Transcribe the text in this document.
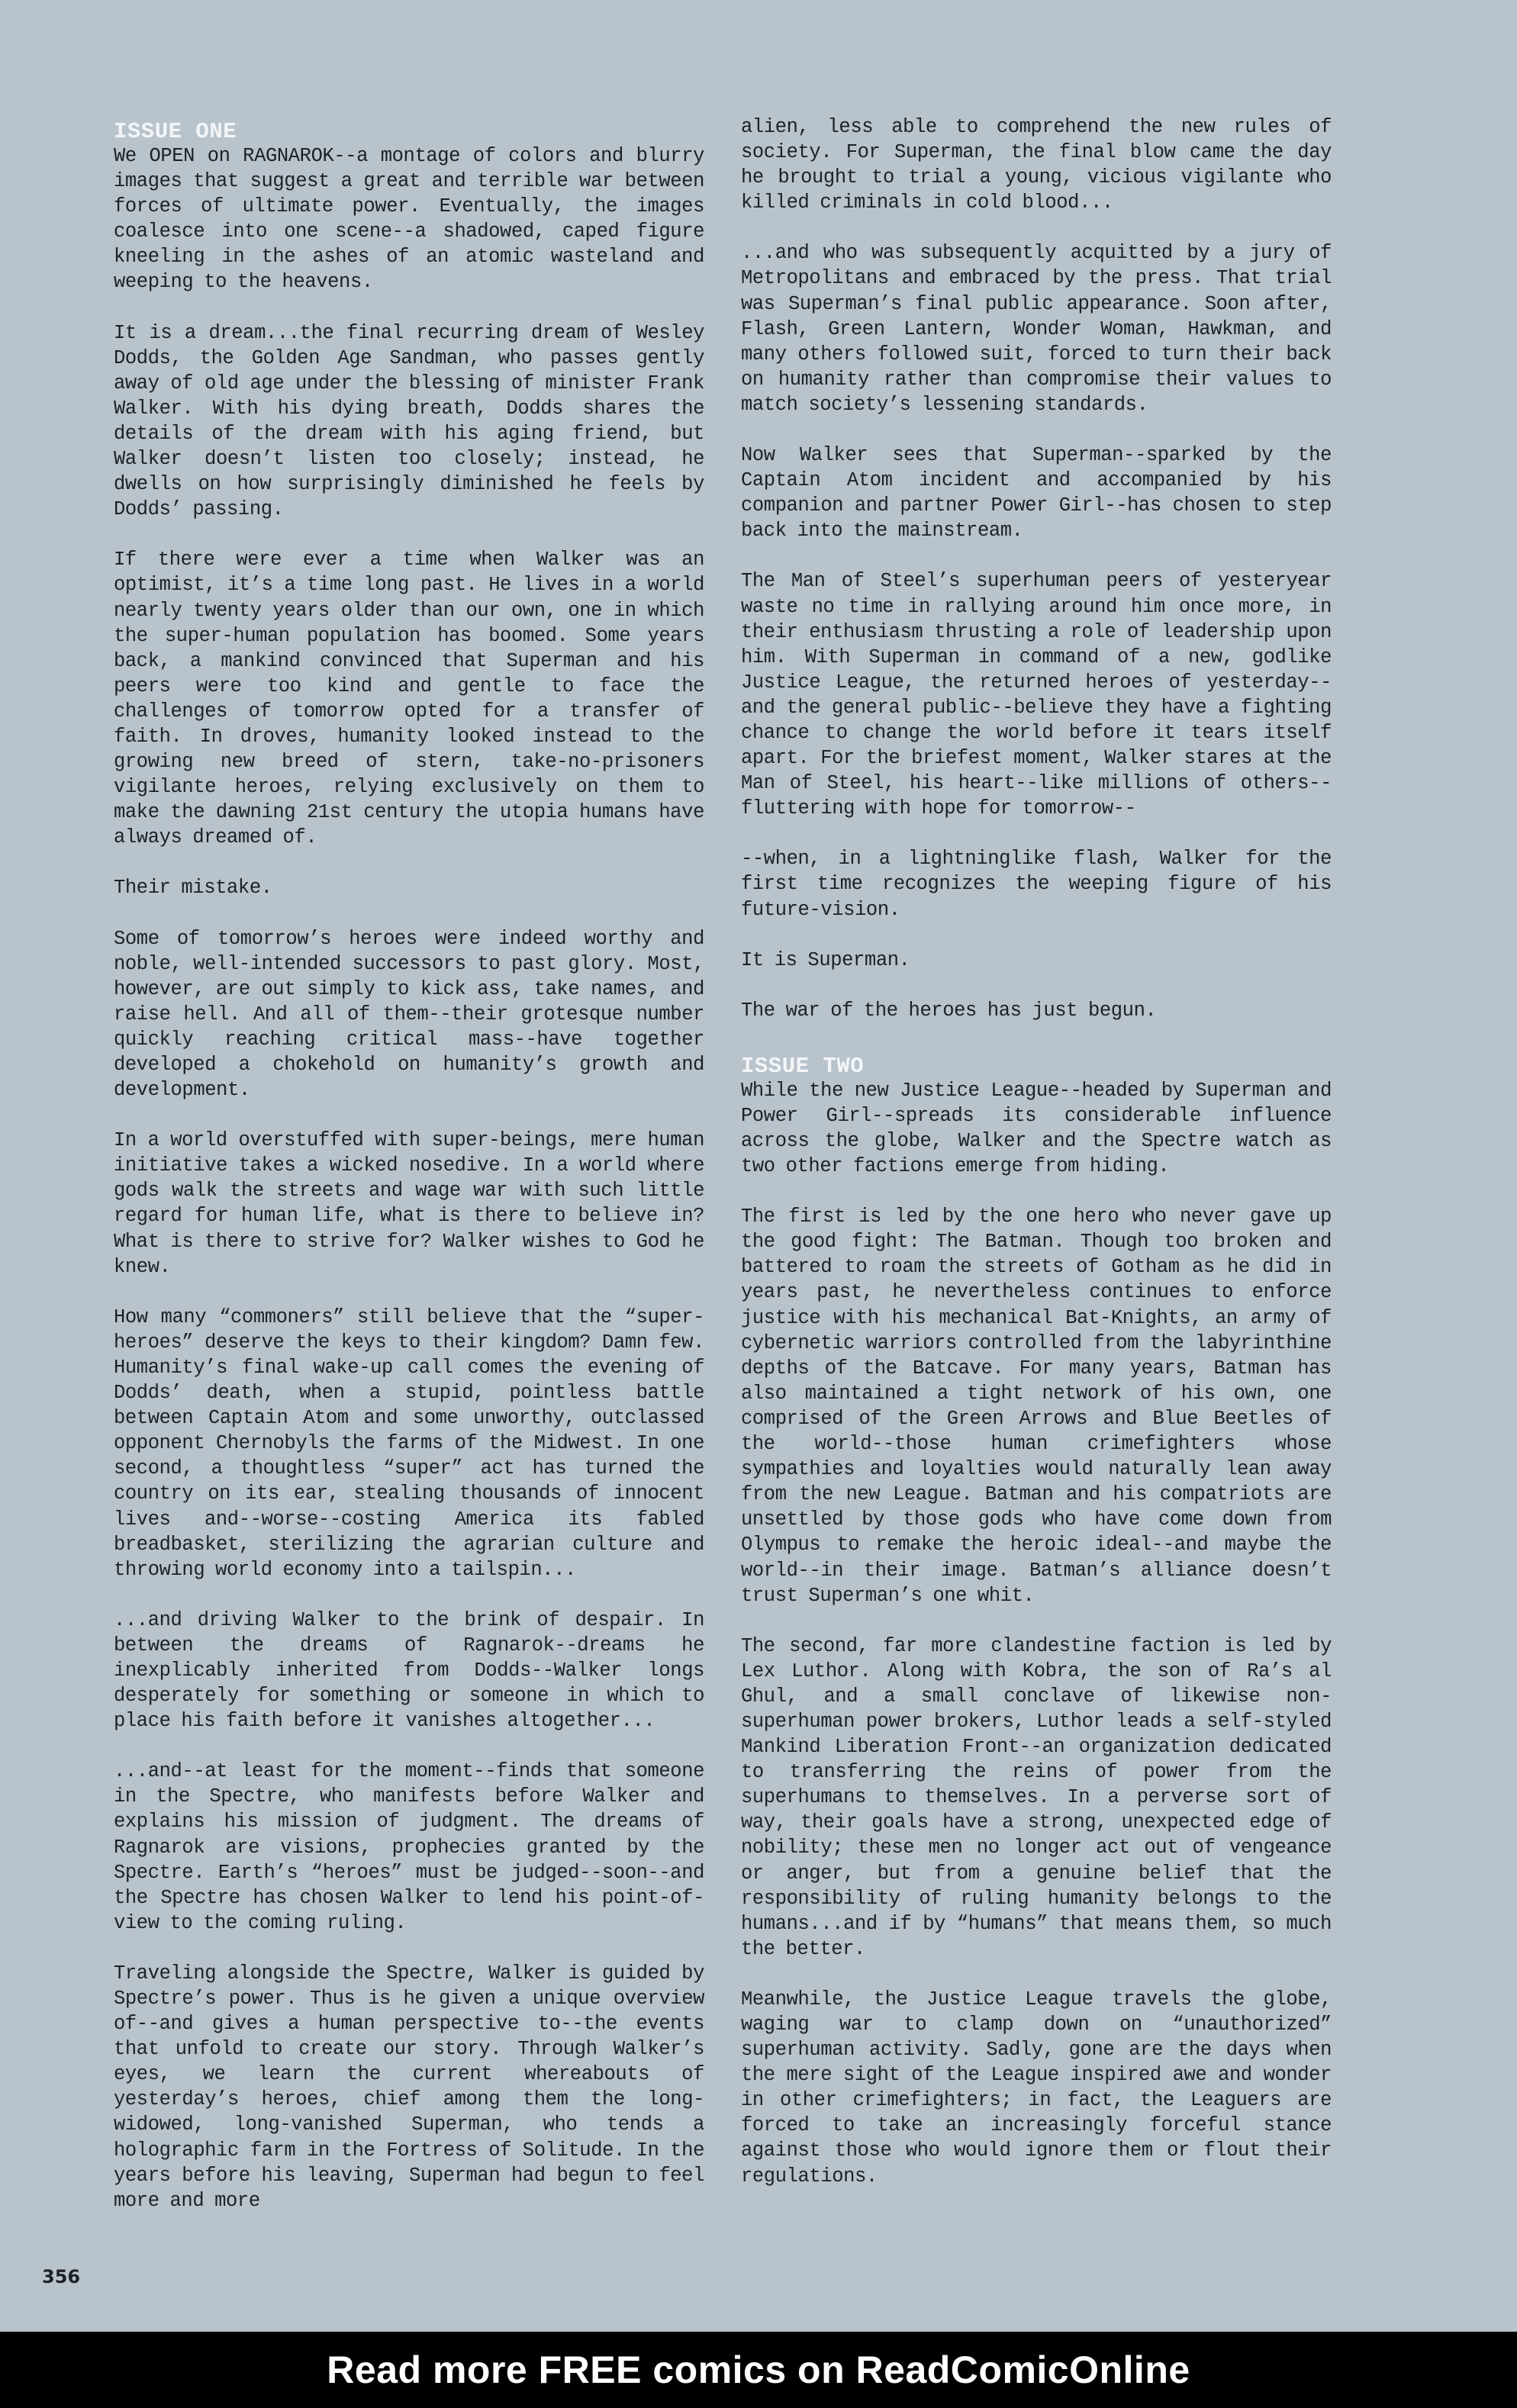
ISSUE ONE

We OPEN on RAGNAROK--a montage of colors and blurry images that suggest a great and terrible war between forces of ultimate power. Eventually, the images coalesce into one scene--a shadowed, caped figure kneeling in the ashes of an atomic wasteland and weeping to the heavens.

It is a dream...the final recurring dream of Wesley Dodds, the Golden Age Sandman, who passes gently away of old age under the blessing of minister Frank Walker. With his dying breath, Dodds shares the details of the dream with his aging friend, but Walker doesn’t listen too closely; instead, he dwells on how surprisingly diminished he feels by Dodds’ passing.

If there were ever a time when Walker was an optimist, it’s a time long past. He lives in a world nearly twenty years older than our own, one in which the super-human population has boomed. Some years back, a mankind convinced that Superman and his peers were too kind and gentle to face the challenges of tomorrow opted for a transfer of faith. In droves, humanity looked instead to the growing new breed of stern, take-no-prisoners vigilante heroes, relying exclusively on them to make the dawning 21st century the utopia humans have always dreamed of.

Their mistake.

Some of tomorrow’s heroes were indeed worthy and noble, well-intended successors to past glory. Most, however, are out simply to kick ass, take names, and raise hell. And all of them--their grotesque number quickly reaching critical mass--have together developed a chokehold on humanity’s growth and development.

In a world overstuffed with super-beings, mere human initiative takes a wicked nosedive. In a world where gods walk the streets and wage war with such little regard for human life, what is there to believe in? What is there to strive for? Walker wishes to God he knew.

How many “commoners” still believe that the “super-heroes” deserve the keys to their kingdom? Damn few. Humanity’s final wake-up call comes the evening of Dodds’ death, when a stupid, pointless battle between Captain Atom and some unworthy, outclassed opponent Chernobyls the farms of the Midwest. In one second, a thoughtless “super” act has turned the country on its ear, stealing thousands of innocent lives and--worse--costing America its fabled breadbasket, sterilizing the agrarian culture and throwing world economy into a tailspin...

...and driving Walker to the brink of despair. In between the dreams of Ragnarok--dreams he inexplicably inherited from Dodds--Walker longs desperately for something or someone in which to place his faith before it vanishes altogether...

...and--at least for the moment--finds that someone in the Spectre, who manifests before Walker and explains his mission of judgment. The dreams of Ragnarok are visions, prophecies granted by the Spectre. Earth’s “heroes” must be judged--soon--and the Spectre has chosen Walker to lend his point-of-view to the coming ruling.

Traveling alongside the Spectre, Walker is guided by Spectre’s power. Thus is he given a unique overview of--and gives a human perspective to--the events that unfold to create our story. Through Walker’s eyes, we learn the current whereabouts of yesterday’s heroes, chief among them the long-widowed, long-vanished Superman, who tends a holographic farm in the Fortress of Solitude. In the years before his leaving, Superman had begun to feel more and more

alien, less able to comprehend the new rules of society. For Superman, the final blow came the day he brought to trial a young, vicious vigilante who killed criminals in cold blood...

...and who was subsequently acquitted by a jury of Metropolitans and embraced by the press. That trial was Superman’s final public appearance. Soon after, Flash, Green Lantern, Wonder Woman, Hawkman, and many others followed suit, forced to turn their back on humanity rather than compromise their values to match society’s lessening standards.

Now Walker sees that Superman--sparked by the Captain Atom incident and accompanied by his companion and partner Power Girl--has chosen to step back into the mainstream.

The Man of Steel’s superhuman peers of yesteryear waste no time in rallying around him once more, in their enthusiasm thrusting a role of leadership upon him. With Superman in command of a new, godlike Justice League, the returned heroes of yesterday--and the general public--believe they have a fighting chance to change the world before it tears itself apart. For the briefest moment, Walker stares at the Man of Steel, his heart--like millions of others--fluttering with hope for tomorrow--

--when, in a lightninglike flash, Walker for the first time recognizes the weeping figure of his future-vision.

It is Superman.

The war of the heroes has just begun.

ISSUE TWO

While the new Justice League--headed by Superman and Power Girl--spreads its considerable influence across the globe, Walker and the Spectre watch as two other factions emerge from hiding.

The first is led by the one hero who never gave up the good fight: The Batman. Though too broken and battered to roam the streets of Gotham as he did in years past, he nevertheless continues to enforce justice with his mechanical Bat-Knights, an army of cybernetic warriors controlled from the labyrinthine depths of the Batcave. For many years, Batman has also maintained a tight network of his own, one comprised of the Green Arrows and Blue Beetles of the world--those human crimefighters whose sympathies and loyalties would naturally lean away from the new League. Batman and his compatriots are unsettled by those gods who have come down from Olympus to remake the heroic ideal--and maybe the world--in their image. Batman’s alliance doesn’t trust Superman’s one whit.

The second, far more clandestine faction is led by Lex Luthor. Along with Kobra, the son of Ra’s al Ghul, and a small conclave of likewise non-superhuman power brokers, Luthor leads a self-styled Mankind Liberation Front--an organization dedicated to transferring the reins of power from the superhumans to themselves. In a perverse sort of way, their goals have a strong, unexpected edge of nobility; these men no longer act out of vengeance or anger, but from a genuine belief that the responsibility of ruling humanity belongs to the humans...and if by “humans” that means them, so much the better.

Meanwhile, the Justice League travels the globe, waging war to clamp down on “unauthorized” superhuman activity. Sadly, gone are the days when the mere sight of the League inspired awe and wonder in other crimefighters; in fact, the Leaguers are forced to take an increasingly forceful stance against those who would ignore them or flout their regulations.

356
Read more FREE comics on ReadComicOnline
